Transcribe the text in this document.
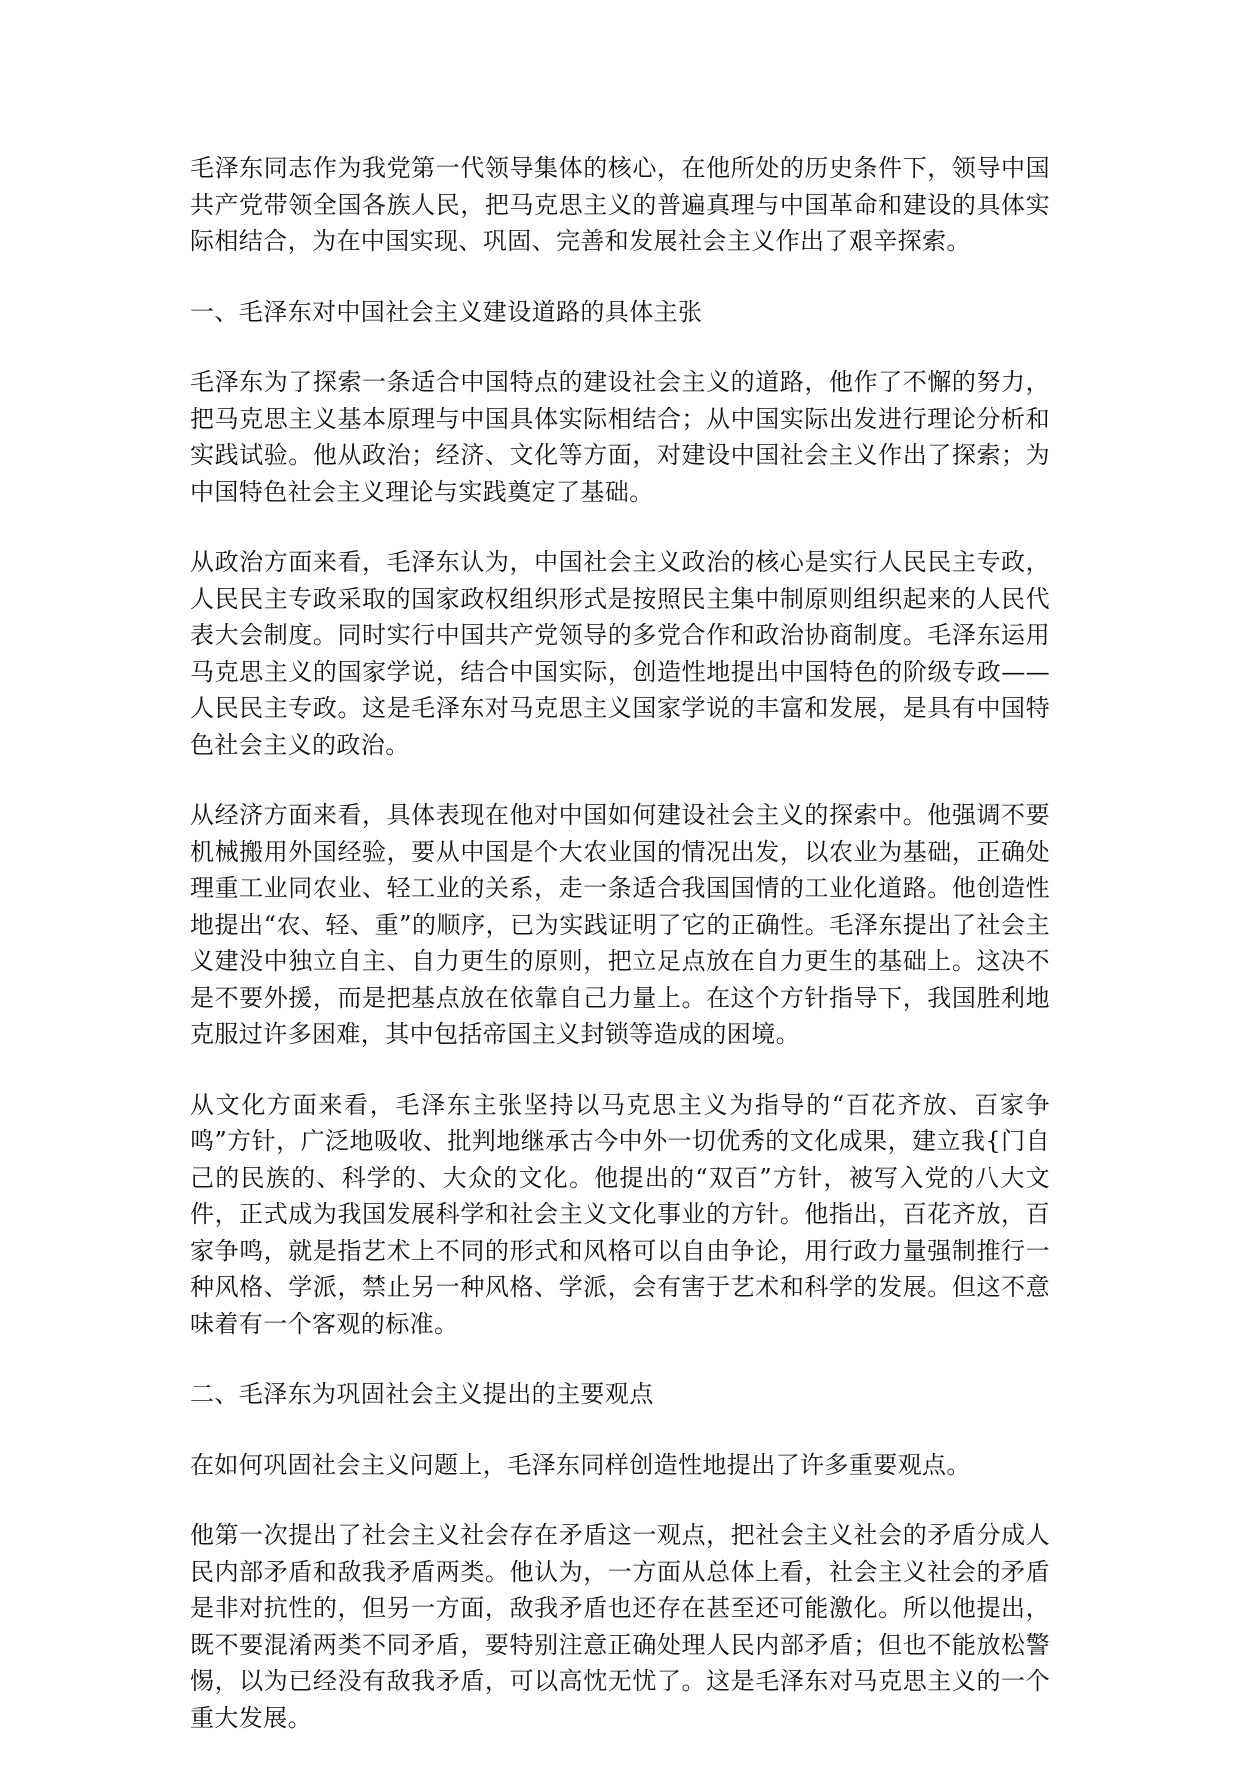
毛泽东同志作为我党第一代领导集体的核心，在他所处的历史条件下，领导中国共产党带领全国各族人民，把马克思主义的普遍真理与中国革命和建设的具体实际相结合，为在中国实现、巩固、完善和发展社会主义作出了艰辛探索。

一、毛泽东对中国社会主义建设道路的具体主张

毛泽东为了探索一条适合中国特点的建设社会主义的道路，他作了不懈的努力，把马克思主义基本原理与中国具体实际相结合；从中国实际出发进行理论分析和实践试验。他从政治；经济、文化等方面，对建设中国社会主义作出了探索；为中国特色社会主义理论与实践奠定了基础。

从政治方面来看，毛泽东认为，中国社会主义政治的核心是实行人民民主专政，人民民主专政采取的国家政权组织形式是按照民主集中制原则组织起来的人民代表大会制度。同时实行中国共产党领导的多党合作和政治协商制度。毛泽东运用马克思主义的国家学说，结合中国实际，创造性地提出中国特色的阶级专政——人民民主专政。这是毛泽东对马克思主义国家学说的丰富和发展，是具有中国特色社会主义的政治。

从经济方面来看，具体表现在他对中国如何建设社会主义的探索中。他强调不要机械搬用外国经验，要从中国是个大农业国的情况出发，以农业为基础，正确处理重工业同农业、轻工业的关系，走一条适合我国国情的工业化道路。他创造性地提出“农、轻、重”的顺序，已为实践证明了它的正确性。毛泽东提出了社会主义建没中独立自主、自力更生的原则，把立足点放在自力更生的基础上。这决不是不要外援，而是把基点放在依靠自己力量上。在这个方针指导下，我国胜利地克服过许多困难，其中包括帝国主义封锁等造成的困境。

从文化方面来看，毛泽东主张坚持以马克思主义为指导的“百花齐放、百家争鸣”方针，广泛地吸收、批判地继承古今中外一切优秀的文化成果，建立我{门自己的民族的、科学的、大众的文化。他提出的“双百”方针，被写入党的八大文件，正式成为我国发展科学和社会主义文化事业的方针。他指出，百花齐放，百家争鸣，就是指艺术上不同的形式和风格可以自由争论，用行政力量强制推行一种风格、学派，禁止另一种风格、学派，会有害于艺术和科学的发展。但这不意味着有一个客观的标准。

二、毛泽东为巩固社会主义提出的主要观点

在如何巩固社会主义问题上，毛泽东同样创造性地提出了许多重要观点。

他第一次提出了社会主义社会存在矛盾这一观点，把社会主义社会的矛盾分成人民内部矛盾和敌我矛盾两类。他认为，一方面从总体上看，社会主义社会的矛盾是非对抗性的，但另一方面，敌我矛盾也还存在甚至还可能激化。所以他提出，既不要混淆两类不同矛盾，要特别注意正确处理人民内部矛盾；但也不能放松警惕，以为已经没有敌我矛盾，可以高忱无忧了。这是毛泽东对马克思主义的一个重大发展。
